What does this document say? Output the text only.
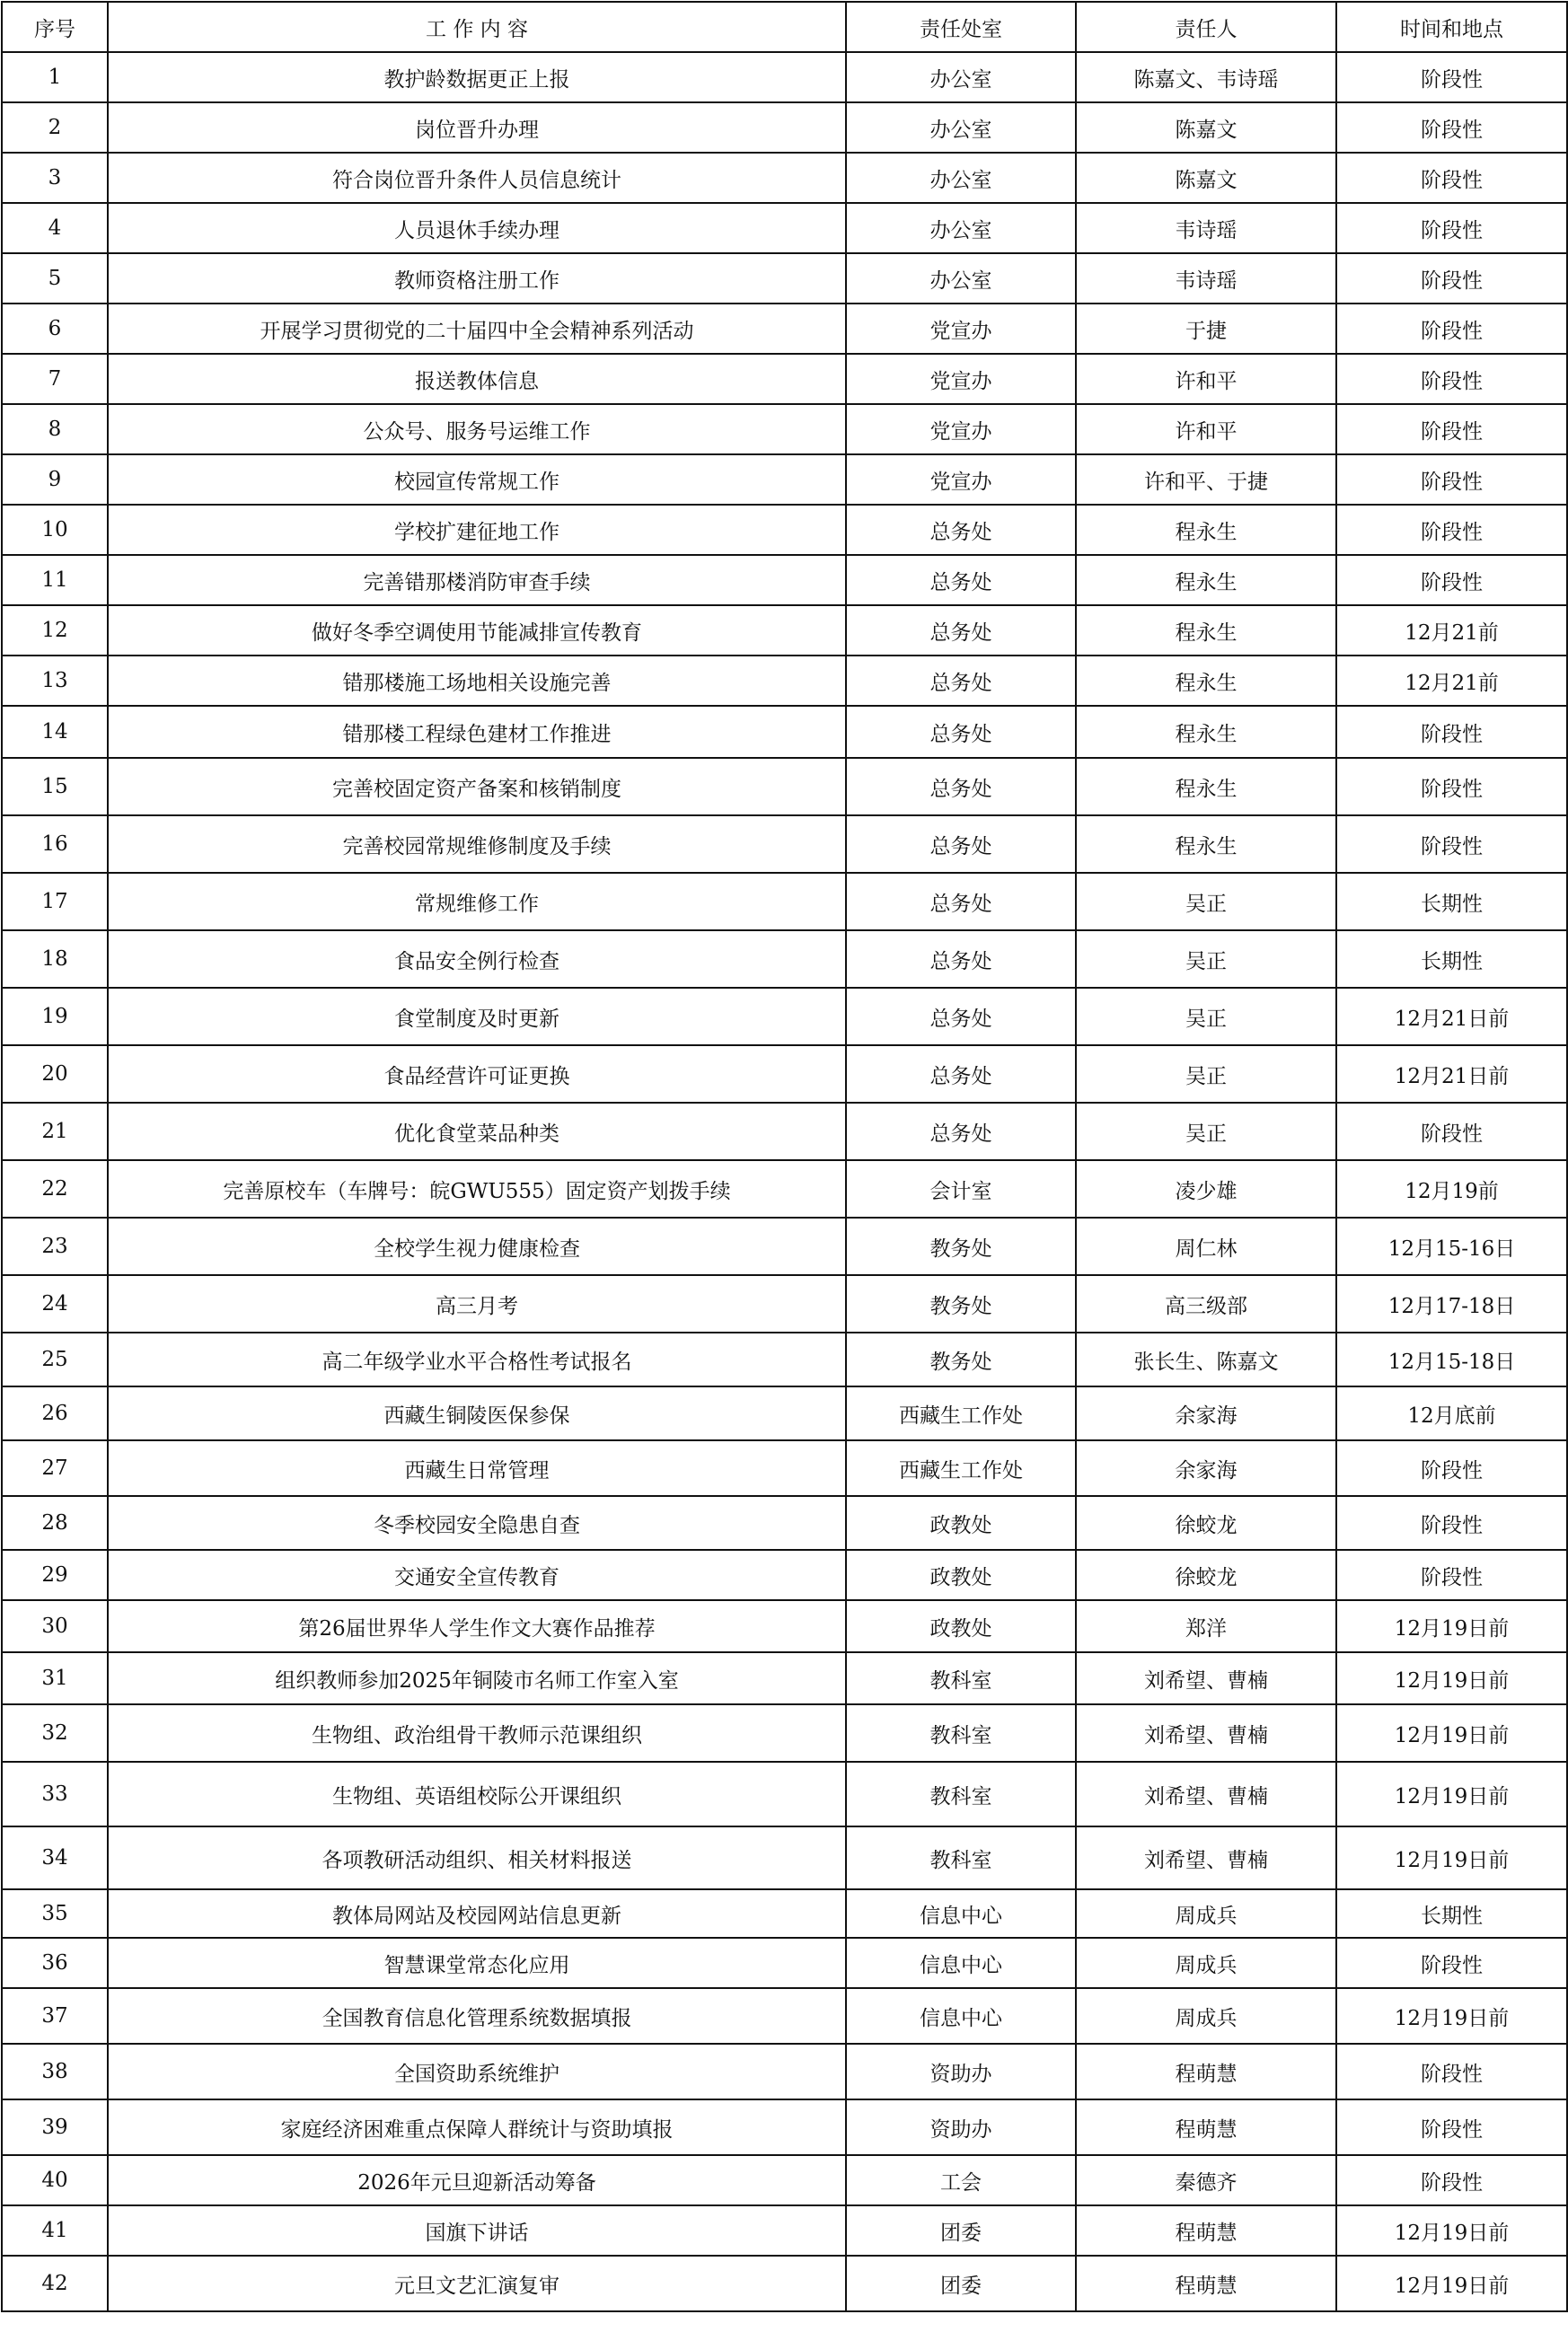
序号	工 作 内 容	责任处室	责任人	时间和地点
1	教护龄数据更正上报	办公室	陈嘉文、韦诗瑶	阶段性
2	岗位晋升办理	办公室	陈嘉文	阶段性
3	符合岗位晋升条件人员信息统计	办公室	陈嘉文	阶段性
4	人员退休手续办理	办公室	韦诗瑶	阶段性
5	教师资格注册工作	办公室	韦诗瑶	阶段性
6	开展学习贯彻党的二十届四中全会精神系列活动	党宣办	于捷	阶段性
7	报送教体信息	党宣办	许和平	阶段性
8	公众号、服务号运维工作	党宣办	许和平	阶段性
9	校园宣传常规工作	党宣办	许和平、于捷	阶段性
10	学校扩建征地工作	总务处	程永生	阶段性
11	完善错那楼消防审查手续	总务处	程永生	阶段性
12	做好冬季空调使用节能减排宣传教育	总务处	程永生	12月21前
13	错那楼施工场地相关设施完善	总务处	程永生	12月21前
14	错那楼工程绿色建材工作推进	总务处	程永生	阶段性
15	完善校固定资产备案和核销制度	总务处	程永生	阶段性
16	完善校园常规维修制度及手续	总务处	程永生	阶段性
17	常规维修工作	总务处	吴正	长期性
18	食品安全例行检查	总务处	吴正	长期性
19	食堂制度及时更新	总务处	吴正	12月21日前
20	食品经营许可证更换	总务处	吴正	12月21日前
21	优化食堂菜品种类	总务处	吴正	阶段性
22	完善原校车（车牌号：皖GWU555）固定资产划拨手续	会计室	凌少雄	12月19前
23	全校学生视力健康检查	教务处	周仁林	12月15-16日
24	高三月考	教务处	高三级部	12月17-18日
25	高二年级学业水平合格性考试报名	教务处	张长生、陈嘉文	12月15-18日
26	西藏生铜陵医保参保	西藏生工作处	余家海	12月底前
27	西藏生日常管理	西藏生工作处	余家海	阶段性
28	冬季校园安全隐患自查	政教处	徐蛟龙	阶段性
29	交通安全宣传教育	政教处	徐蛟龙	阶段性
30	第26届世界华人学生作文大赛作品推荐	政教处	郑洋	12月19日前
31	组织教师参加2025年铜陵市名师工作室入室	教科室	刘希望、曹楠	12月19日前
32	生物组、政治组骨干教师示范课组织	教科室	刘希望、曹楠	12月19日前
33	生物组、英语组校际公开课组织	教科室	刘希望、曹楠	12月19日前
34	各项教研活动组织、相关材料报送	教科室	刘希望、曹楠	12月19日前
35	教体局网站及校园网站信息更新	信息中心	周成兵	长期性
36	智慧课堂常态化应用	信息中心	周成兵	阶段性
37	全国教育信息化管理系统数据填报	信息中心	周成兵	12月19日前
38	全国资助系统维护	资助办	程萌慧	阶段性
39	家庭经济困难重点保障人群统计与资助填报	资助办	程萌慧	阶段性
40	2026年元旦迎新活动筹备	工会	秦德齐	阶段性
41	国旗下讲话	团委	程萌慧	12月19日前
42	元旦文艺汇演复审	团委	程萌慧	12月19日前
